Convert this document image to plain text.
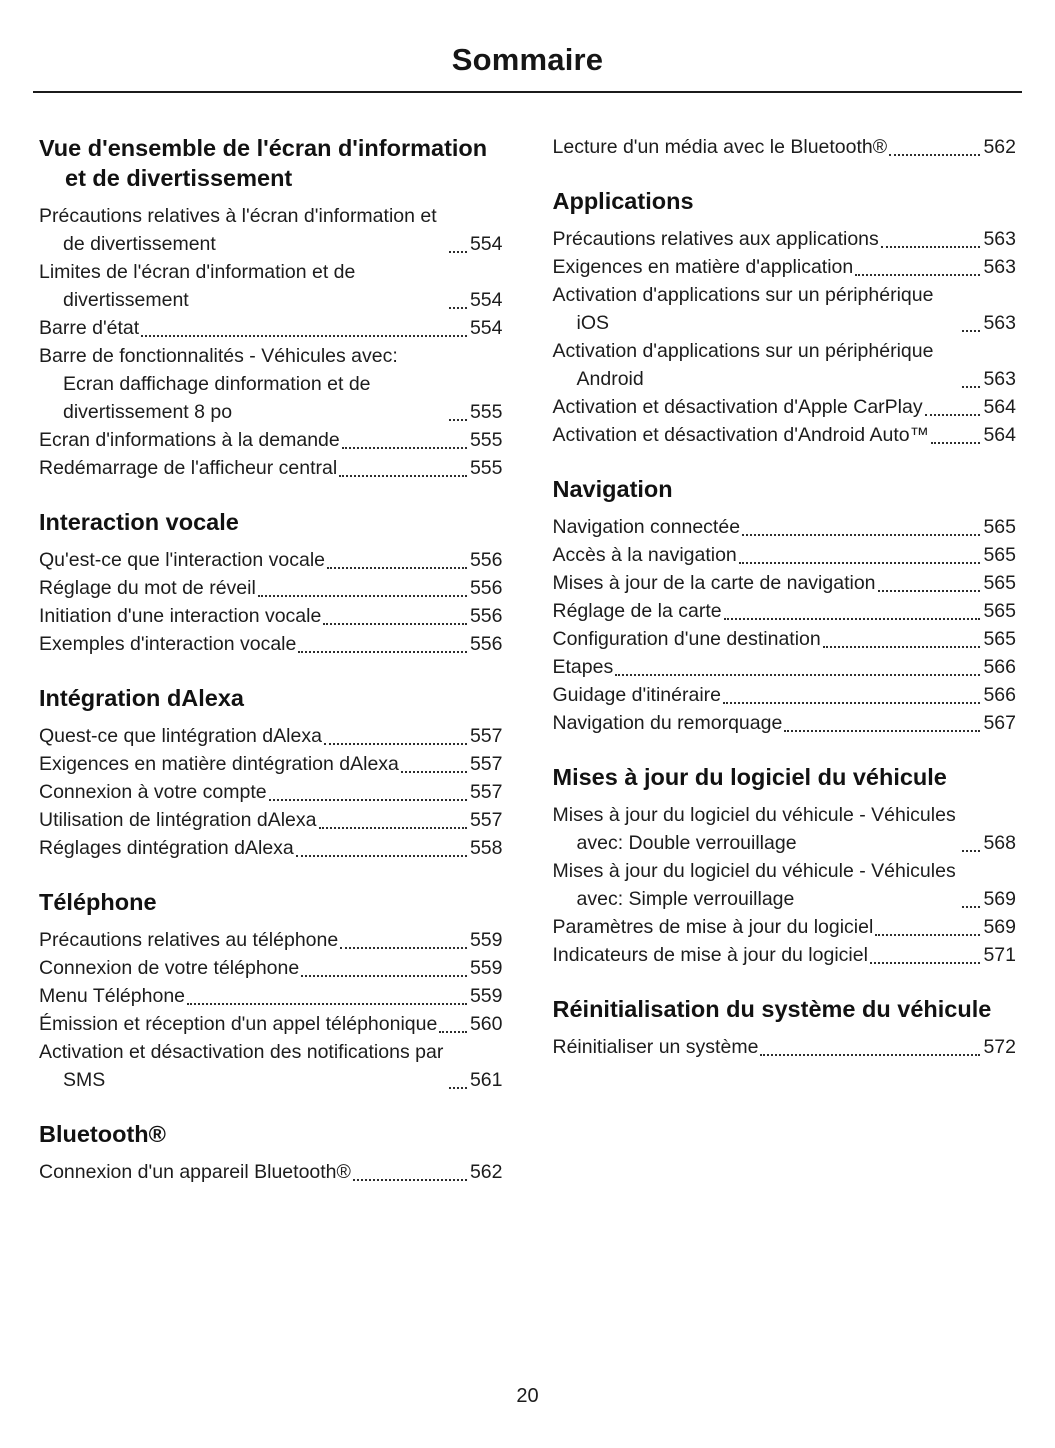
Sommaire
Vue d'ensemble de l'écran d'information et de divertissement
Précautions relatives à l'écran d'information et de divertissement	554
Limites de l'écran d'information et de divertissement	554
Barre d'état	554
Barre de fonctionnalités - Véhicules avec: Ecran daffichage dinformation et de divertissement 8 po	555
Ecran d'informations à la demande	555
Redémarrage de l'afficheur central	555
Interaction vocale
Qu'est-ce que l'interaction vocale	556
Réglage du mot de réveil	556
Initiation d'une interaction vocale	556
Exemples d'interaction vocale	556
Intégration dAlexa
Quest-ce que lintégration dAlexa	557
Exigences en matière dintégration dAlexa	557
Connexion à votre compte	557
Utilisation de lintégration dAlexa	557
Réglages dintégration dAlexa	558
Téléphone
Précautions relatives au téléphone	559
Connexion de votre téléphone	559
Menu Téléphone	559
Émission et réception d'un appel téléphonique 560
Activation et désactivation des notifications par SMS	561
Bluetooth®
Connexion d'un appareil Bluetooth®	562
Lecture d'un média avec le Bluetooth®	562
Applications
Précautions relatives aux applications	563
Exigences en matière d'application	563
Activation d'applications sur un périphérique iOS	563
Activation d'applications sur un périphérique Android	563
Activation et désactivation d'Apple CarPlay	564
Activation et désactivation d'Android Auto™	564
Navigation
Navigation connectée	565
Accès à la navigation	565
Mises à jour de la carte de navigation	565
Réglage de la carte	565
Configuration d'une destination	565
Etapes	566
Guidage d'itinéraire	566
Navigation du remorquage	567
Mises à jour du logiciel du véhicule
Mises à jour du logiciel du véhicule - Véhicules avec: Double verrouillage	568
Mises à jour du logiciel du véhicule - Véhicules avec: Simple verrouillage	569
Paramètres de mise à jour du logiciel	569
Indicateurs de mise à jour du logiciel	571
Réinitialisation du système du véhicule
Réinitialiser un système	572
20
